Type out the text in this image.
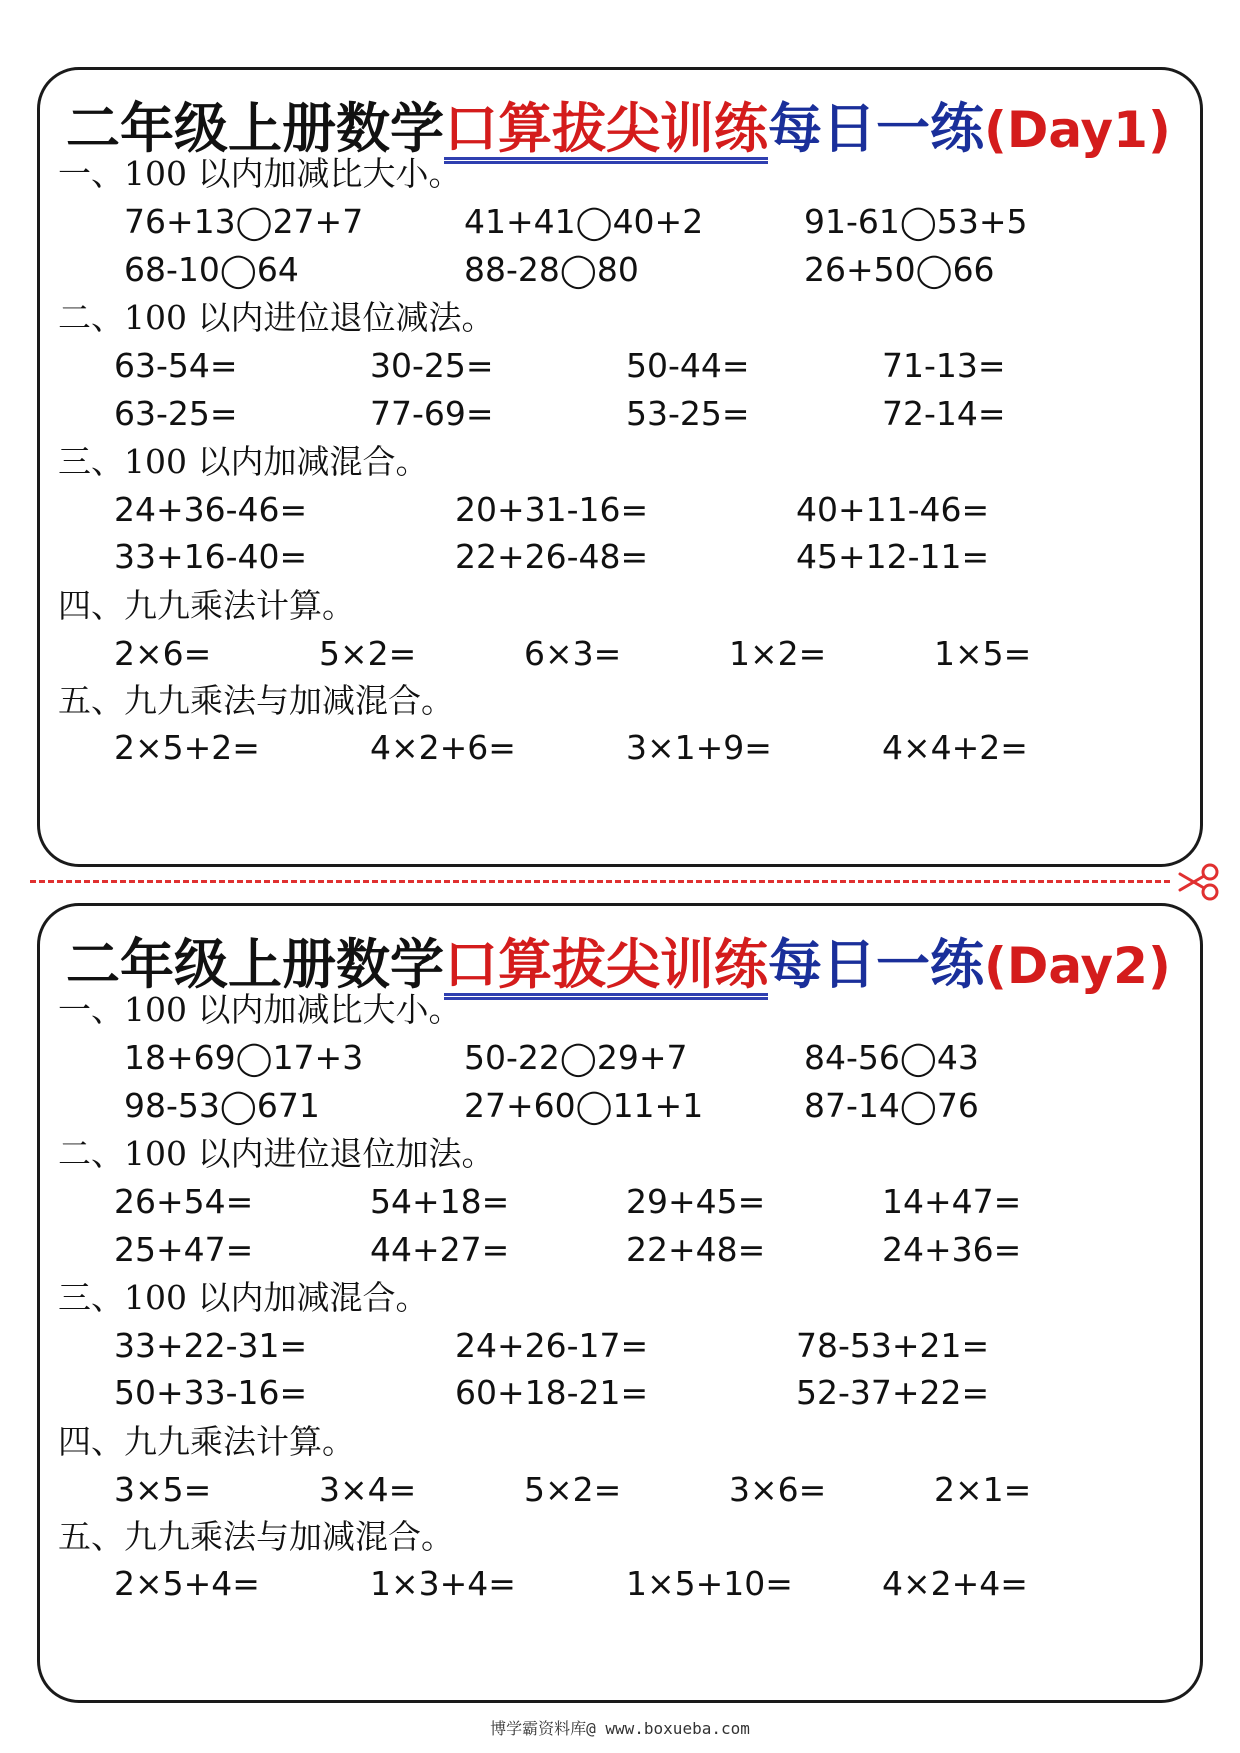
二年级上册数学口算拔尖训练每日一练(Day1)
一、100 以内加减比大小。
76+13◯27+7	41+41◯40+2	91-61◯53+5
68-10◯64	88-28◯80	26+50◯66
二、100 以内进位退位减法。
63-54=	30-25=	50-44=	71-13=
63-25=	77-69=	53-25=	72-14=
三、100 以内加减混合。
24+36-46=	20+31-16=	40+11-46=
33+16-40=	22+26-48=	45+12-11=
四、九九乘法计算。
2×6=	5×2=	6×3=	1×2=	1×5=
五、九九乘法与加减混合。
2×5+2=	4×2+6=	3×1+9=	4×4+2=
二年级上册数学口算拔尖训练每日一练(Day2)
一、100 以内加减比大小。
18+69◯17+3	50-22◯29+7	84-56◯43
98-53◯671	27+60◯11+1	87-14◯76
二、100 以内进位退位加法。
26+54=	54+18=	29+45=	14+47=
25+47=	44+27=	22+48=	24+36=
三、100 以内加减混合。
33+22-31=	24+26-17=	78-53+21=
50+33-16=	60+18-21=	52-37+22=
四、九九乘法计算。
3×5=	3×4=	5×2=	3×6=	2×1=
五、九九乘法与加减混合。
2×5+4=	1×3+4=	1×5+10=	4×2+4=
博学霸资料库@ www.boxueba.com
